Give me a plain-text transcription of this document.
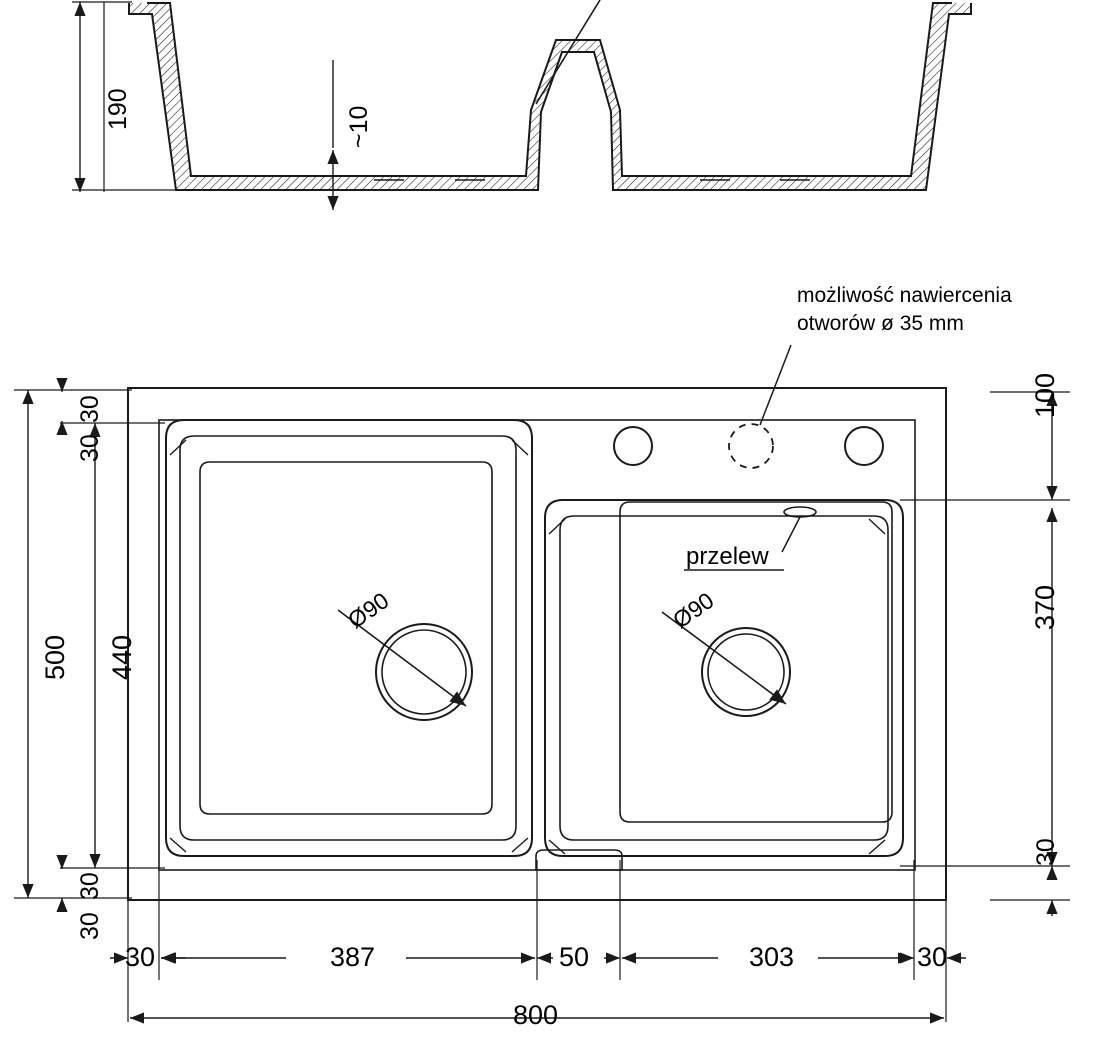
190	~10
możliwość nawiercenia
otworów ø 35 mm
przelew
Ø90	Ø90
500 440
30
30
30
30
100
370
30
30	387	50	303	30
800
